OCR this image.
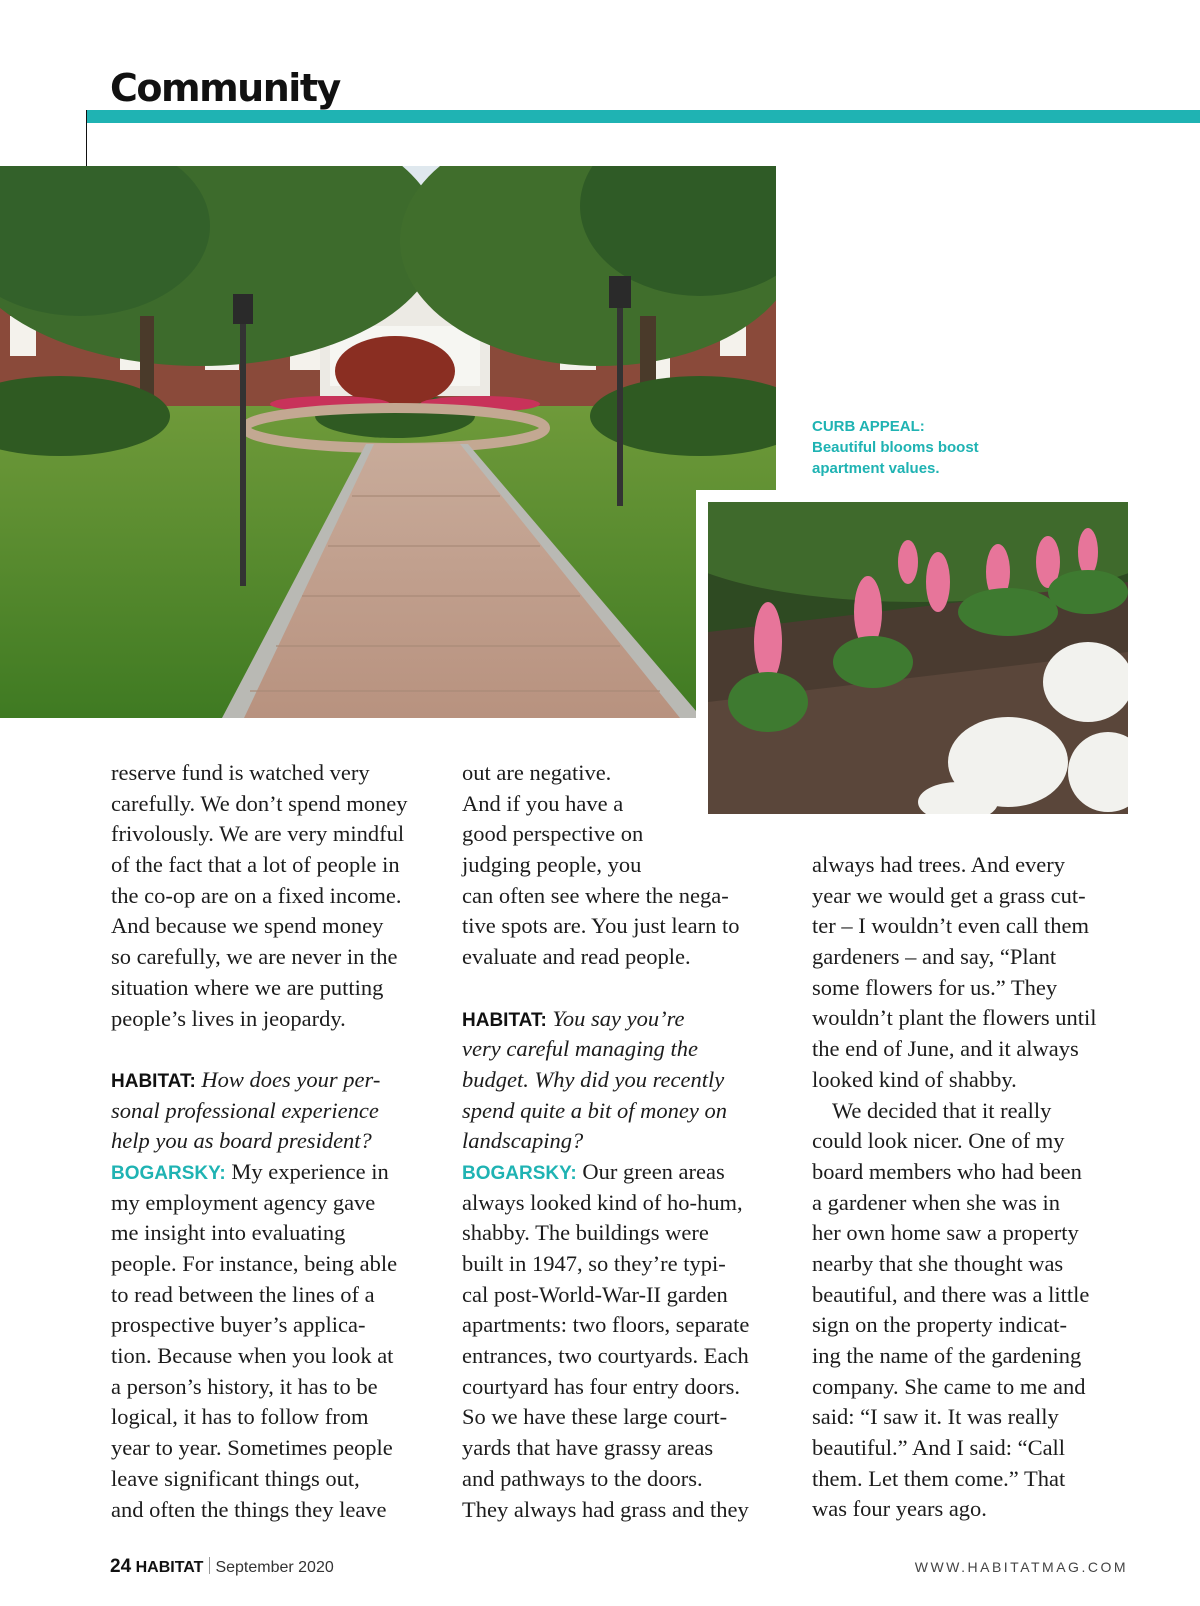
Community
CURB APPEAL:
Beautiful blooms boost
apartment values.
reserve fund is watched very
carefully. We don’t spend money
frivolously. We are very mindful
of the fact that a lot of people in
the co-op are on a fixed income.
And because we spend money
so carefully, we are never in the
situation where we are putting
people’s lives in jeopardy.
HABITAT: How does your per-
sonal professional experience
help you as board president?
BOGARSKY: My experience in
my employment agency gave
me insight into evaluating
people. For instance, being able
to read between the lines of a
prospective buyer’s applica-
tion. Because when you look at
a person’s history, it has to be
logical, it has to follow from
year to year. Sometimes people
leave significant things out,
and often the things they leave
out are negative.
And if you have a
good perspective on
judging people, you
can often see where the nega-
tive spots are. You just learn to
evaluate and read people.
HABITAT: You say you’re
very careful managing the
budget. Why did you recently
spend quite a bit of money on
landscaping?
BOGARSKY: Our green areas
always looked kind of ho-hum,
shabby. The buildings were
built in 1947, so they’re typi-
cal post-World-War-II garden
apartments: two floors, separate
entrances, two courtyards. Each
courtyard has four entry doors.
So we have these large court-
yards that have grassy areas
and pathways to the doors.
They always had grass and they
always had trees. And every
year we would get a grass cut-
ter – I wouldn’t even call them
gardeners – and say, “Plant
some flowers for us.” They
wouldn’t plant the flowers until
the end of June, and it always
looked kind of shabby.
We decided that it really
could look nicer. One of my
board members who had been
a gardener when she was in
her own home saw a property
nearby that she thought was
beautiful, and there was a little
sign on the property indicat-
ing the name of the gardening
company. She came to me and
said: “I saw it. It was really
beautiful.” And I said: “Call
them. Let them come.” That
was four years ago.
24 HABITAT September 2020	WWW.HABITATMAG.COM
